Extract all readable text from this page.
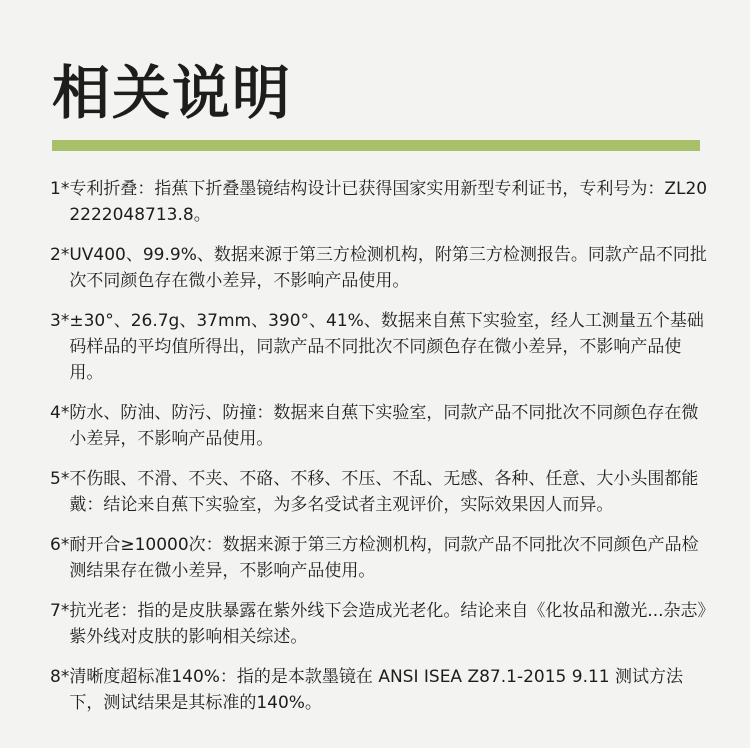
相关说明
1* 专利折叠：指蕉下折叠墨镜结构设计已获得国家实用新型专利证书，专利号为：ZL202222048713.8。
2* UV400、99.9%、数据来源于第三方检测机构，附第三方检测报告。同款产品不同批次不同颜色存在微小差异，不影响产品使用。
3* ±30°、26.7g、37mm、390°、41%、数据来自蕉下实验室，经人工测量五个基础码样品的平均值所得出，同款产品不同批次不同颜色存在微小差异，不影响产品使用。
4* 防水、防油、防污、防撞：数据来自蕉下实验室，同款产品不同批次不同颜色存在微小差异，不影响产品使用。
5* 不伤眼、不滑、不夹、不硌、不移、不压、不乱、无感、各种、任意、大小头围都能戴：结论来自蕉下实验室，为多名受试者主观评价，实际效果因人而异。
6* 耐开合≥10000次：数据来源于第三方检测机构，同款产品不同批次不同颜色产品检测结果存在微小差异，不影响产品使用。
7* 抗光老：指的是皮肤暴露在紫外线下会造成光老化。结论来自《化妆品和激光...杂志》紫外线对皮肤的影响相关综述。
8* 清晰度超标准140%：指的是本款墨镜在 ANSI ISEA Z87.1-2015 9.11 测试方法下，测试结果是其标准的140%。
